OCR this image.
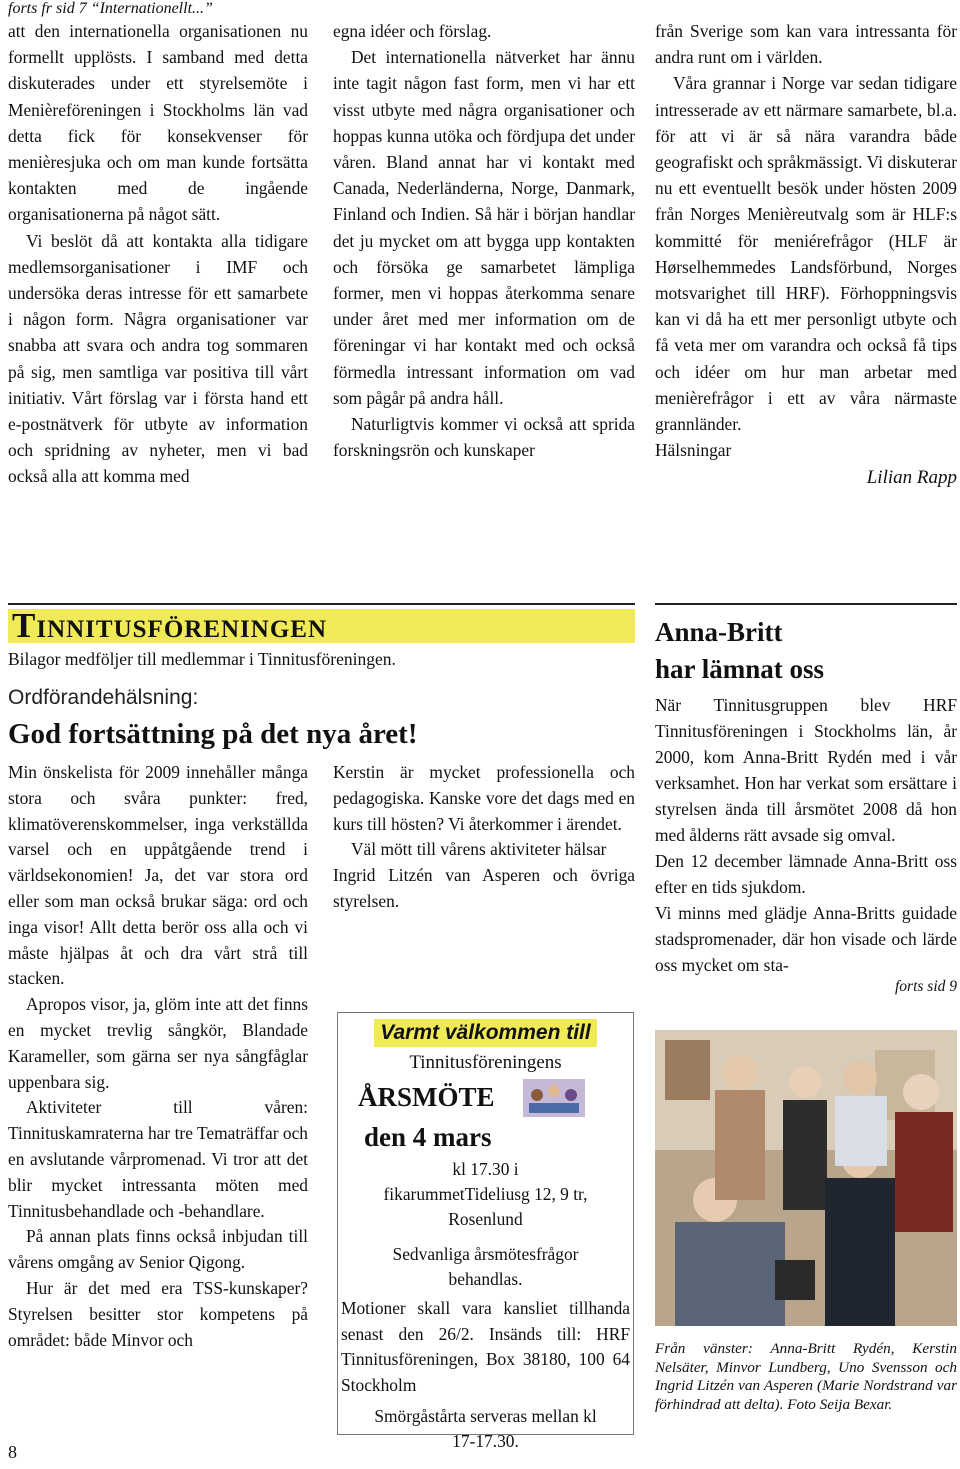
forts fr sid 7 “Internationellt...”

att den internationella organisationen nu formellt upplösts. I samband med detta diskuterades under ett styrelsemöte i Menièreföreningen i Stockholms län vad detta fick för konsekvenser för menièresjuka och om man kunde fortsätta kontakten med de ingående organisationerna på något sätt.

Vi beslöt då att kontakta alla tidigare medlemsorganisationer i IMF och undersöka deras intresse för ett samarbete i någon form. Några organisationer var snabba att svara och andra tog sommaren på sig, men samtliga var positiva till vårt initiativ. Vårt förslag var i första hand ett e-postnätverk för utbyte av information och spridning av nyheter, men vi bad också alla att komma med

egna idéer och förslag.

Det internationella nätverket har ännu inte tagit någon fast form, men vi har ett visst utbyte med några organisationer och hoppas kunna utöka och fördjupa det under våren. Bland annat har vi kontakt med Canada, Nederländerna, Norge, Danmark, Finland och Indien. Så här i början handlar det ju mycket om att bygga upp kontakten och försöka ge samarbetet lämpliga former, men vi hoppas återkomma senare under året med mer information om de föreningar vi har kontakt med och också förmedla intressant information om vad som pågår på andra håll.

Naturligtvis kommer vi också att sprida forskningsrön och kunskaper

från Sverige som kan vara intressanta för andra runt om i världen.

Våra grannar i Norge var sedan tidigare intresserade av ett närmare samarbete, bl.a. för att vi är så nära varandra både geografiskt och språkmässigt. Vi diskuterar nu ett eventuellt besök under hösten 2009 från Norges Menièreutvalg som är HLF:s kommitté för meniérefrågor (HLF är Hørselhemmedes Landsförbund, Norges motsvarighet till HRF). Förhoppningsvis kan vi då ha ett mer personligt utbyte och få veta mer om varandra och också få tips och idéer om hur man arbetar med menièrefrågor i ett av våra närmaste grannländer.

Hälsningar

Lilian Rapp

Tinnitusföreningen
Bilagor medföljer till medlemmar i Tinnitusföreningen.
Ordförandehälsning:
God fortsättning på det nya året!

Min önskelista för 2009 innehåller många stora och svåra punkter: fred, klimatöverenskommelser, inga verkställda varsel och en uppåtgående trend i världsekonomien! Ja, det var stora ord eller som man också brukar säga: ord och inga visor! Allt detta berör oss alla och vi måste hjälpas åt och dra vårt strå till stacken.

Apropos visor, ja, glöm inte att det finns en mycket trevlig sångkör, Blandade Karameller, som gärna ser nya sångfåglar uppenbara sig.

Aktiviteter till våren: Tinnituskamraterna har tre Tematräffar och en avslutande vårpromenad. Vi tror att det blir mycket intressanta möten med Tinnitusbehandlade och -behandlare.

På annan plats finns också inbjudan till vårens omgång av Senior Qigong.

Hur är det med era TSS-kunskaper? Styrelsen besitter stor kompetens på området: både Minvor och

Kerstin är mycket professionella och pedagogiska. Kanske vore det dags med en kurs till hösten? Vi återkommer i ärendet.

Väl mött till vårens aktiviteter hälsar

Ingrid Litzén van Asperen och övriga styrelsen.

Varmt välkommen till
Tinnitusföreningens
ÅRSMÖTE
den 4 mars
kl 17.30 i fikarummetTideliusg 12, 9 tr, Rosenlund
Sedvanliga årsmötesfrågor behandlas.
Motioner skall vara kansliet tillhanda senast den 26/2. Insänds till: HRF Tinnitusföreningen, Box 38180, 100 64 Stockholm
Smörgåstårta serveras mellan kl 17-17.30.
8
Anna-Britt
har lämnat oss

När Tinnitusgruppen blev HRF Tinnitusföreningen i Stockholms län, år 2000, kom Anna-Britt Rydén med i vår verksamhet. Hon har verkat som ersättare i styrelsen ända till årsmötet 2008 då hon med ålderns rätt avsade sig omval.

Den 12 december lämnade Anna-Britt oss efter en tids sjukdom.

Vi minns med glädje Anna-Britts guidade stadspromenader, där hon visade och lärde oss mycket om sta-

forts sid 9

Från vänster: Anna-Britt Rydén, Kerstin Nelsäter, Minvor Lundberg, Uno Svensson och Ingrid Litzén van Asperen (Marie Nordstrand var förhindrad att delta). Foto Seija Bexar.
